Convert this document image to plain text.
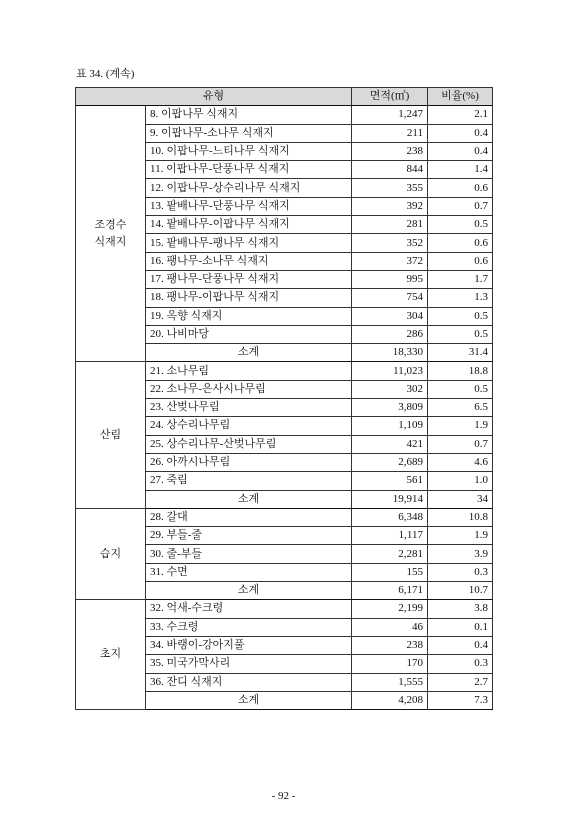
표 34. (계속)
유형		면적(㎡)	비율(%)

조경수
식재지	8. 이팝나무 식재지	1,247	2.1
	9. 이팝나무-소나무 식재지	211	0.4
	10. 이팝나무-느티나무 식재지	238	0.4
	11. 이팝나무-단풍나무 식재지	844	1.4
	12. 이팝나무-상수리나무 식재지	355	0.6
	13. 팥배나무-단풍나무 식재지	392	0.7
	14. 팥배나무-이팝나무 식재지	281	0.5
	15. 팥배나무-팽나무 식재지	352	0.6
	16. 팽나무-소나무 식재지	372	0.6
	17. 팽나무-단풍나무 식재지	995	1.7
	18. 팽나무-이팝나무 식재지	754	1.3
	19. 옥향 식재지	304	0.5
	20. 나비마당	286	0.5
	소계	18,330	31.4

산림	21. 소나무림	11,023	18.8
	22. 소나무-은사시나무림	302	0.5
	23. 산벚나무림	3,809	6.5
	24. 상수리나무림	1,109	1.9
	25. 상수리나무-산벚나무림	421	0.7
	26. 아까시나무림	2,689	4.6
	27. 죽림	561	1.0
	소계	19,914	34

습지	28. 갈대	6,348	10.8
	29. 부들-줄	1,117	1.9
	30. 줄-부들	2,281	3.9
	31. 수면	155	0.3
	소계	6,171	10.7

초지	32. 억새-수크령	2,199	3.8
	33. 수크령	46	0.1
	34. 바랭이-강아지풀	238	0.4
	35. 미국가막사리	170	0.3
	36. 잔디 식재지	1,555	2.7
	소계	4,208	7.3
- 92 -
